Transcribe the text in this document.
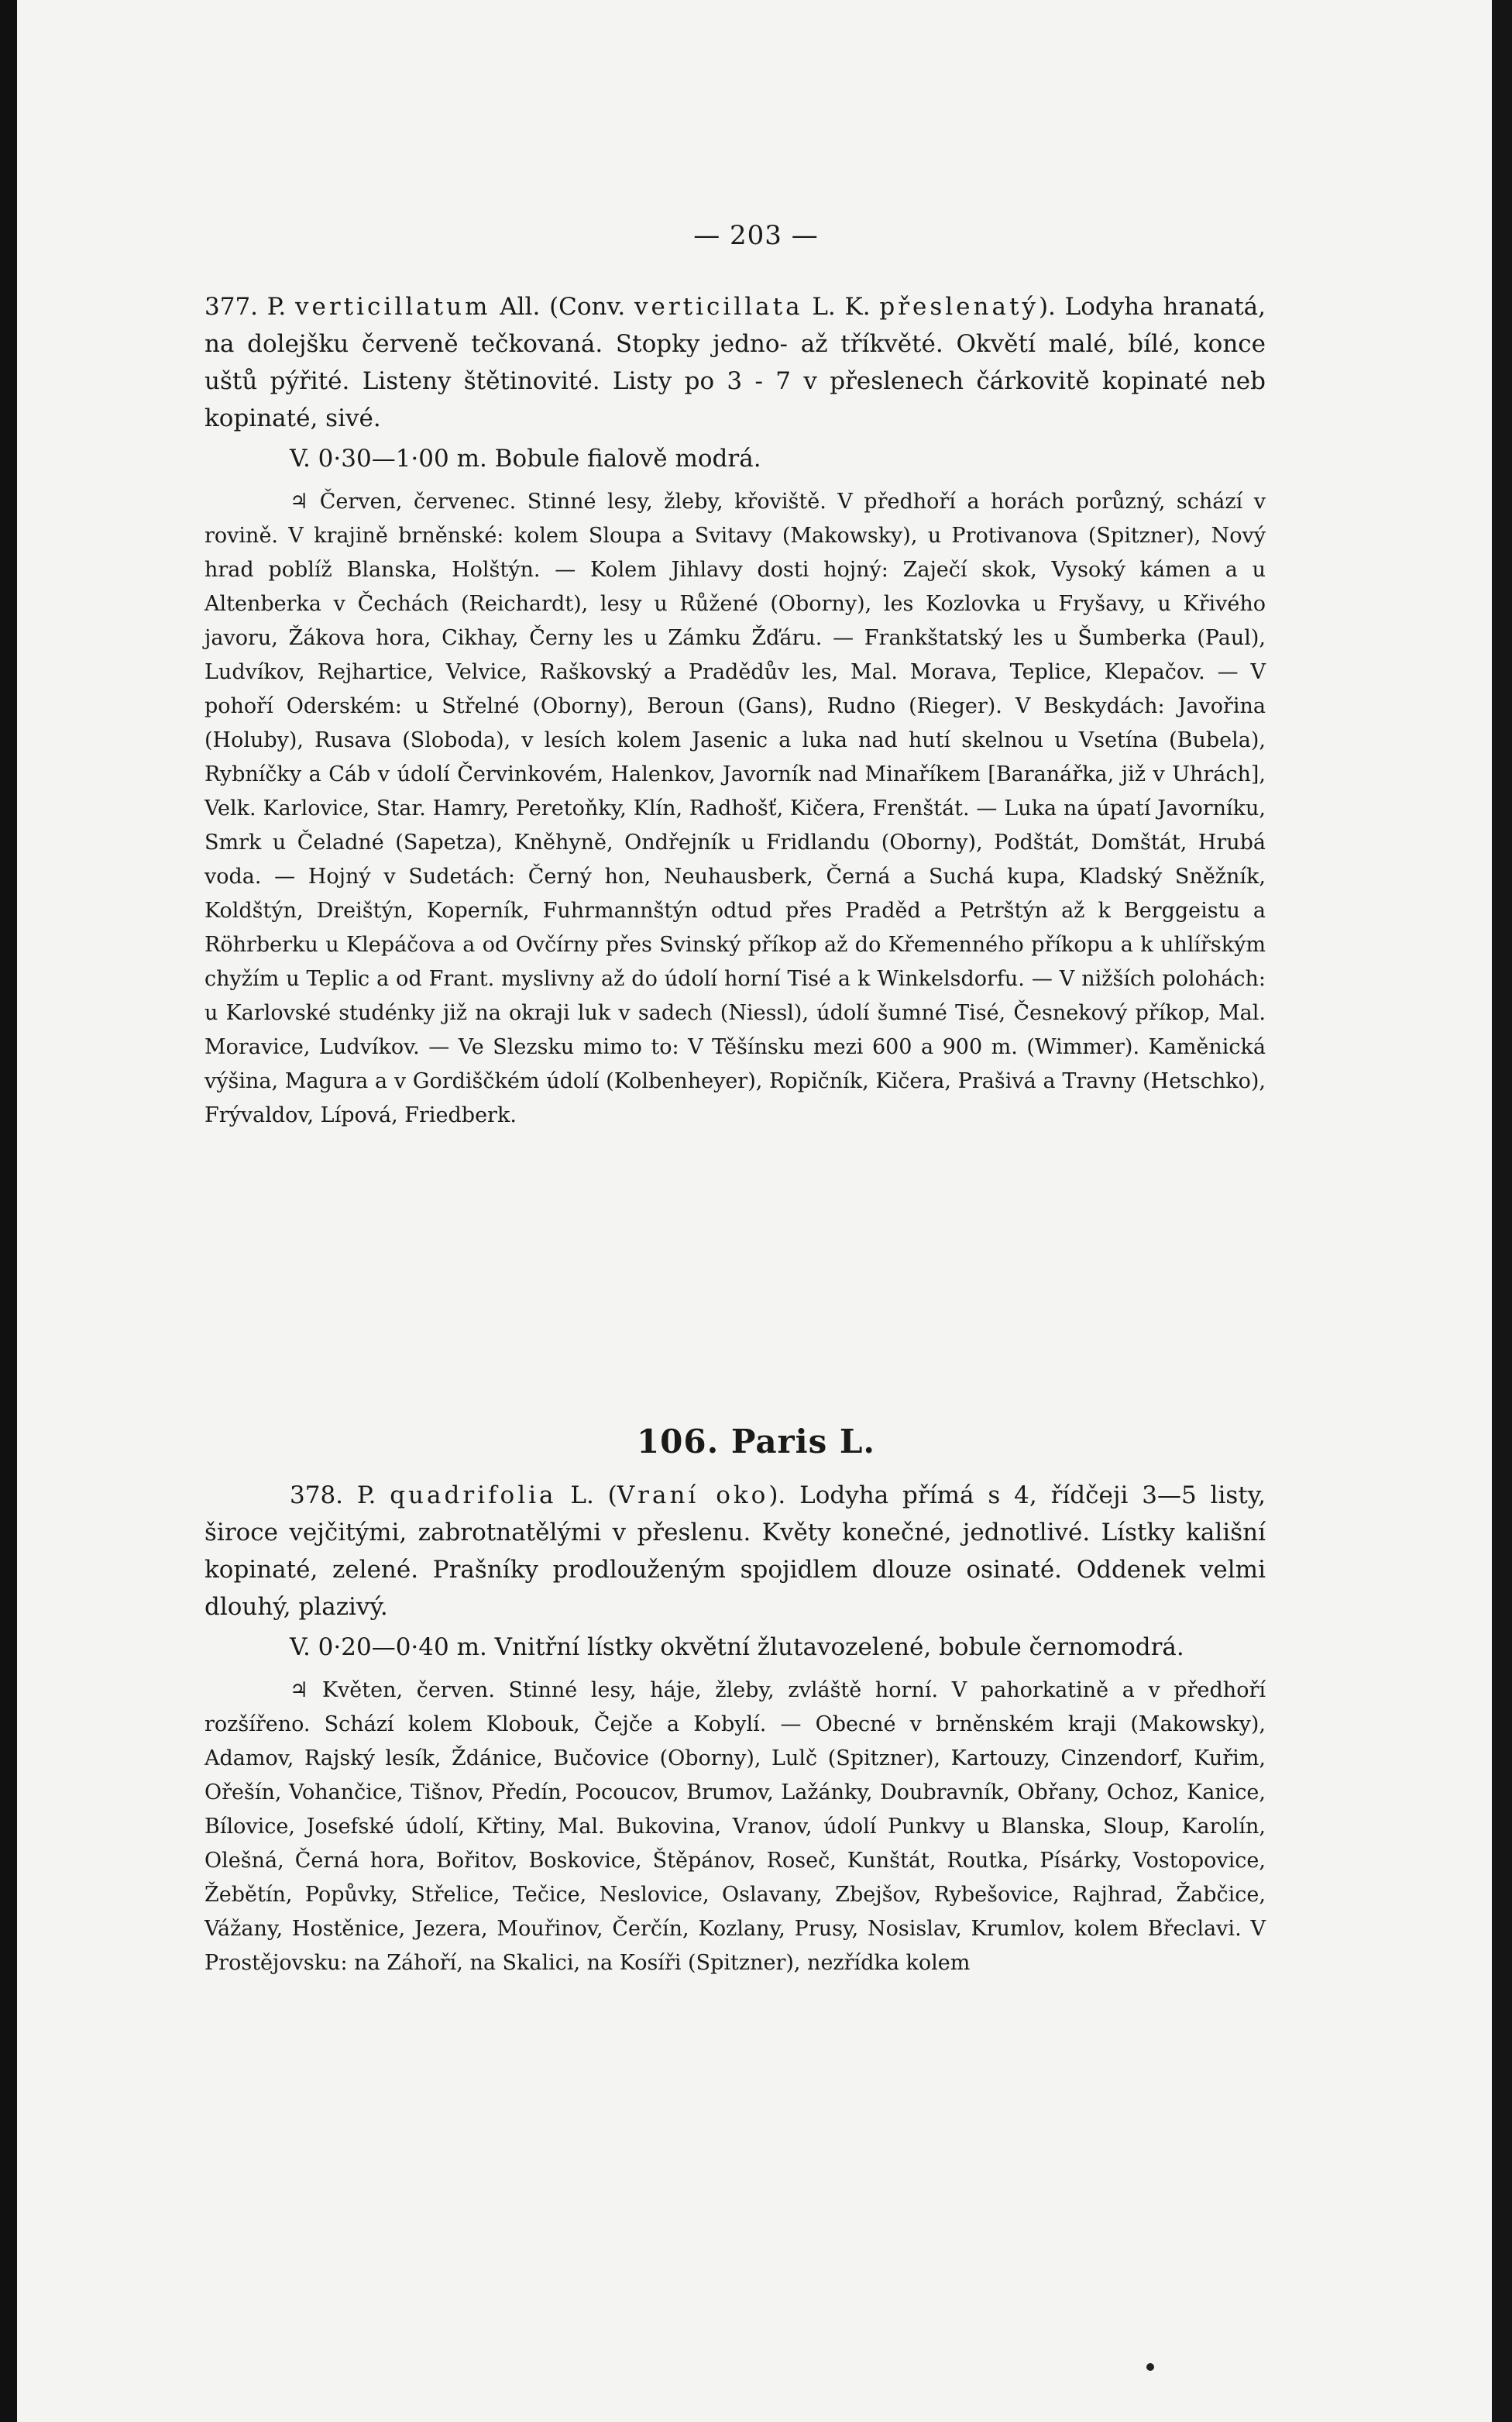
— 203 —

377. P. verticillatum All. (Conv. verticillata L. K. přeslenatý). Lodyha hranatá, na dolejšku červeně tečkovaná. Stopky jedno- až tříkvěté. Okvětí malé, bílé, konce uštů pýřité. Listeny štětinovité. Listy po 3 - 7 v přeslenech čárkovitě kopinaté neb kopinaté, sivé.

V. 0·30—1·00 m. Bobule fialově modrá.

♃ Červen, červenec. Stinné lesy, žleby, křoviště. V předhoří a horách porůzný, schází v rovině. V krajině brněnské: kolem Sloupa a Svitavy (Makowsky), u Protivanova (Spitzner), Nový hrad poblíž Blanska, Holštýn. — Kolem Jihlavy dosti hojný: Zaječí skok, Vysoký kámen a u Altenberka v Čechách (Reichardt), lesy u Růžené (Oborny), les Kozlovka u Fryšavy, u Křivého javoru, Žákova hora, Cikhay, Černy les u Zámku Žďáru. — Frankštatský les u Šumberka (Paul), Ludvíkov, Rejhartice, Velvice, Raškovský a Pradědův les, Mal. Morava, Teplice, Klepačov. — V pohoří Oderském: u Střelné (Oborny), Beroun (Gans), Rudno (Rieger). V Beskydách: Javořina (Holuby), Rusava (Sloboda), v lesích kolem Jasenic a luka nad hutí skelnou u Vsetína (Bubela), Rybníčky a Cáb v údolí Červinkovém, Halenkov, Javorník nad Minaříkem [Baranářka, již v Uhrách], Velk. Karlovice, Star. Hamry, Peretoňky, Klín, Radhošť, Kičera, Frenštát. — Luka na úpatí Javorníku, Smrk u Čeladné (Sapetza), Kněhyně, Ondřejník u Fridlandu (Oborny), Podštát, Domštát, Hrubá voda. — Hojný v Sudetách: Černý hon, Neuhausberk, Černá a Suchá kupa, Kladský Sněžník, Koldštýn, Dreištýn, Koperník, Fuhrmannštýn odtud přes Praděd a Petrštýn až k Berggeistu a Röhrberku u Klepáčova a od Ovčírny přes Svinský příkop až do Křemenného příkopu a k uhlířským chyžím u Teplic a od Frant. myslivny až do údolí horní Tisé a k Winkelsdorfu. — V nižších polohách: u Karlovské studénky již na okraji luk v sadech (Niessl), údolí šumné Tisé, Česnekový příkop, Mal. Moravice, Ludvíkov. — Ve Slezsku mimo to: V Těšínsku mezi 600 a 900 m. (Wimmer). Kaměnická výšina, Magura a v Gordiščkém údolí (Kolbenheyer), Ropičník, Kičera, Prašivá a Travny (Hetschko), Frývaldov, Lípová, Friedberk.

106. Paris L.

378. P. quadrifolia L. (Vraní oko). Lodyha přímá s 4, řídčeji 3—5 listy, široce vejčitými, zabrotnatělými v přeslenu. Květy konečné, jednotlivé. Lístky kališní kopinaté, zelené. Prašníky prodlouženým spojidlem dlouze osinaté. Oddenek velmi dlouhý, plazivý.

V. 0·20—0·40 m. Vnitřní lístky okvětní žlutavozelené, bobule černomodrá.

♃ Květen, červen. Stinné lesy, háje, žleby, zvláště horní. V pahorkatině a v předhoří rozšířeno. Schází kolem Klobouk, Čejče a Kobylí. — Obecné v brněnském kraji (Makowsky), Adamov, Rajský lesík, Ždánice, Bučovice (Oborny), Lulč (Spitzner), Kartouzy, Cinzendorf, Kuřim, Ořešín, Vohančice, Tišnov, Předín, Pocoucov, Brumov, Lažánky, Doubravník, Obřany, Ochoz, Kanice, Bílovice, Josefské údolí, Křtiny, Mal. Bukovina, Vranov, údolí Punkvy u Blanska, Sloup, Karolín, Olešná, Černá hora, Bořitov, Boskovice, Štěpánov, Roseč, Kunštát, Routka, Písárky, Vostopovice, Žebětín, Popůvky, Střelice, Tečice, Neslovice, Oslavany, Zbejšov, Rybešovice, Rajhrad, Žabčice, Vážany, Hostěnice, Jezera, Mouřinov, Čerčín, Kozlany, Prusy, Nosislav, Krumlov, kolem Břeclavi. V Prostějovsku: na Záhoří, na Skalici, na Kosíři (Spitzner), nezřídka kolem
